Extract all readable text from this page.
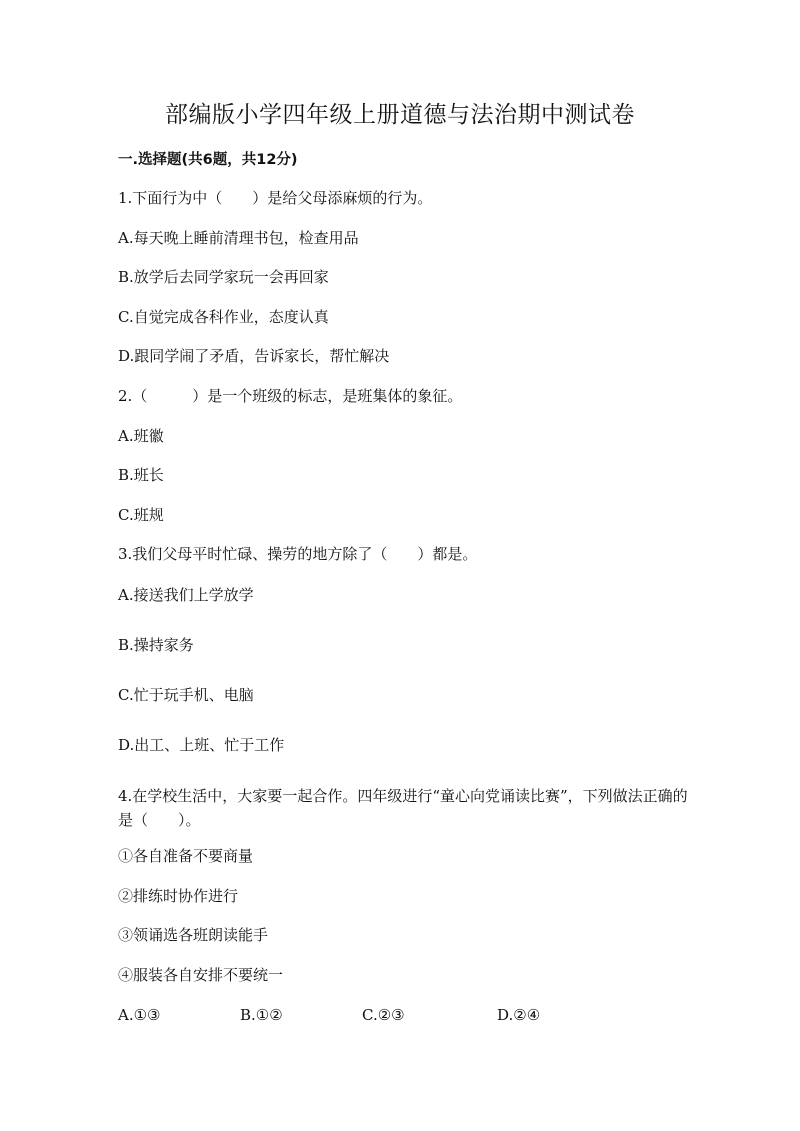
部编版小学四年级上册道德与法治期中测试卷
一.选择题(共6题，共12分)
1.下面行为中（　　）是给父母添麻烦的行为。
A.每天晚上睡前清理书包，检查用品
B.放学后去同学家玩一会再回家
C.自觉完成各科作业，态度认真
D.跟同学闹了矛盾，告诉家长，帮忙解决
2.（　　　）是一个班级的标志，是班集体的象征。
A.班徽
B.班长
C.班规
3.我们父母平时忙碌、操劳的地方除了（　　）都是。
A.接送我们上学放学
B.操持家务
C.忙于玩手机、电脑
D.出工、上班、忙于工作
4.在学校生活中，大家要一起合作。四年级进行“童心向党诵读比赛”，下列做法正确的是（　　）。
①各自准备不要商量
②排练时协作进行
③领诵选各班朗读能手
④服装各自安排不要统一
A.①③	B.①②	C.②③	D.②④
